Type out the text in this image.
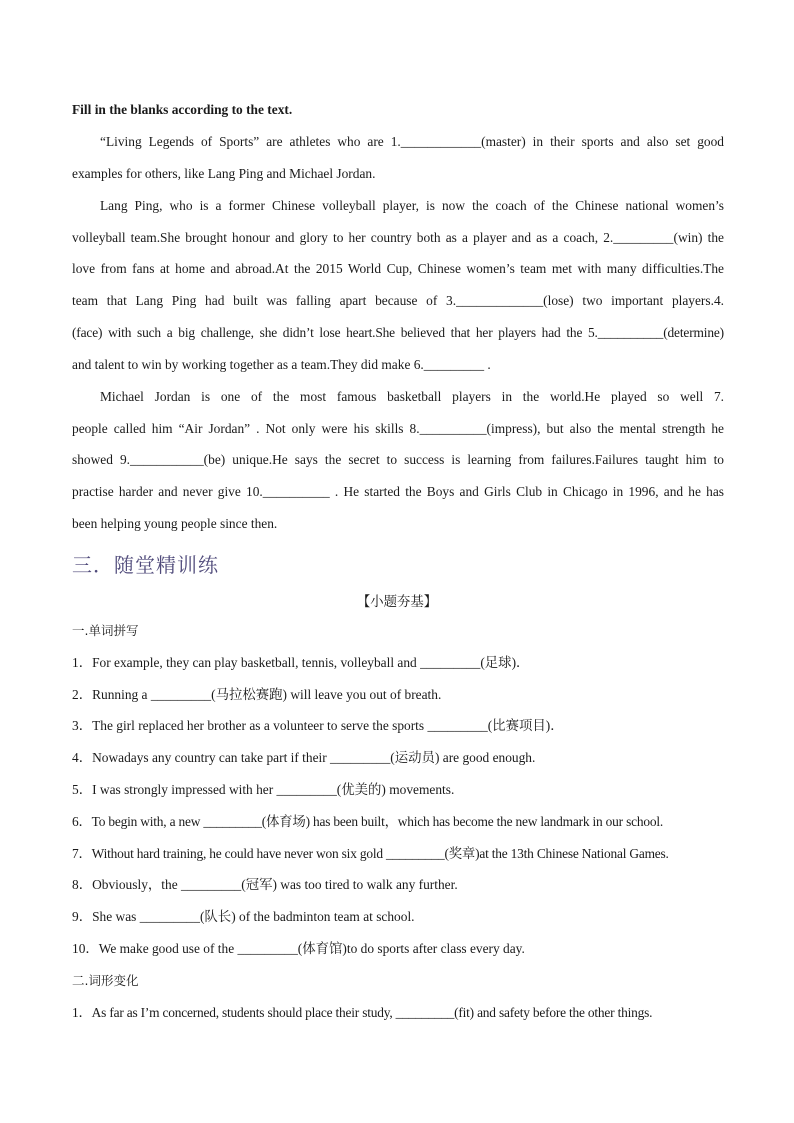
Fill in the blanks according to the text.
“Living Legends of Sports” are athletes who are 1.____________(master) in their sports and also set good
examples for others, like Lang Ping and Michael Jordan.
Lang Ping, who is a former Chinese volleyball player, is now the coach of the Chinese national women’s
volleyball team.She brought honour and glory to her country both as a player and as a coach, 2._________(win) the
love from fans at home and abroad.At the 2015 World Cup, Chinese women’s team met with many difficulties.The
team that Lang Ping had built was falling apart because of 3._____________(lose) two important players.4.
(face) with such a big challenge, she didn’t lose heart.She believed that her players had the 5.__________(determine)
and talent to win by working together as a team.They did make 6._________ .
Michael Jordan is one of the most famous basketball players in the world.He played so well 7.
people called him “Air Jordan” . Not only were his skills 8.__________(impress), but also the mental strength he
showed 9.___________(be) unique.He says the secret to success is learning from failures.Failures taught him to
practise harder and never give 10.__________ . He started the Boys and Girls Club in Chicago in 1996, and he has
been helping young people since then.
三．随堂精训练
【小题夯基】
一.单词拼写
1．For example, they can play basketball, tennis, volleyball and _________(足球)．
2．Running a _________(马拉松赛跑) will leave you out of breath.
3．The girl replaced her brother as a volunteer to serve the sports _________(比赛项目)．
4．Nowadays any country can take part if their _________(运动员) are good enough.
5．I was strongly impressed with her _________(优美的) movements.
6．To begin with, a new _________(体育场) has been built，which has become the new landmark in our school.
7．Without hard training, he could have never won six gold _________(奖章)at the 13th Chinese National Games.
8．Obviously，the _________(冠军) was too tired to walk any further.
9．She was _________(队长) of the badminton team at school.
10．We make good use of the _________(体育馆)to do sports after class every day.
二.词形变化
1．As far as I’m concerned, students should place their study, _________(fit) and safety before the other things.
